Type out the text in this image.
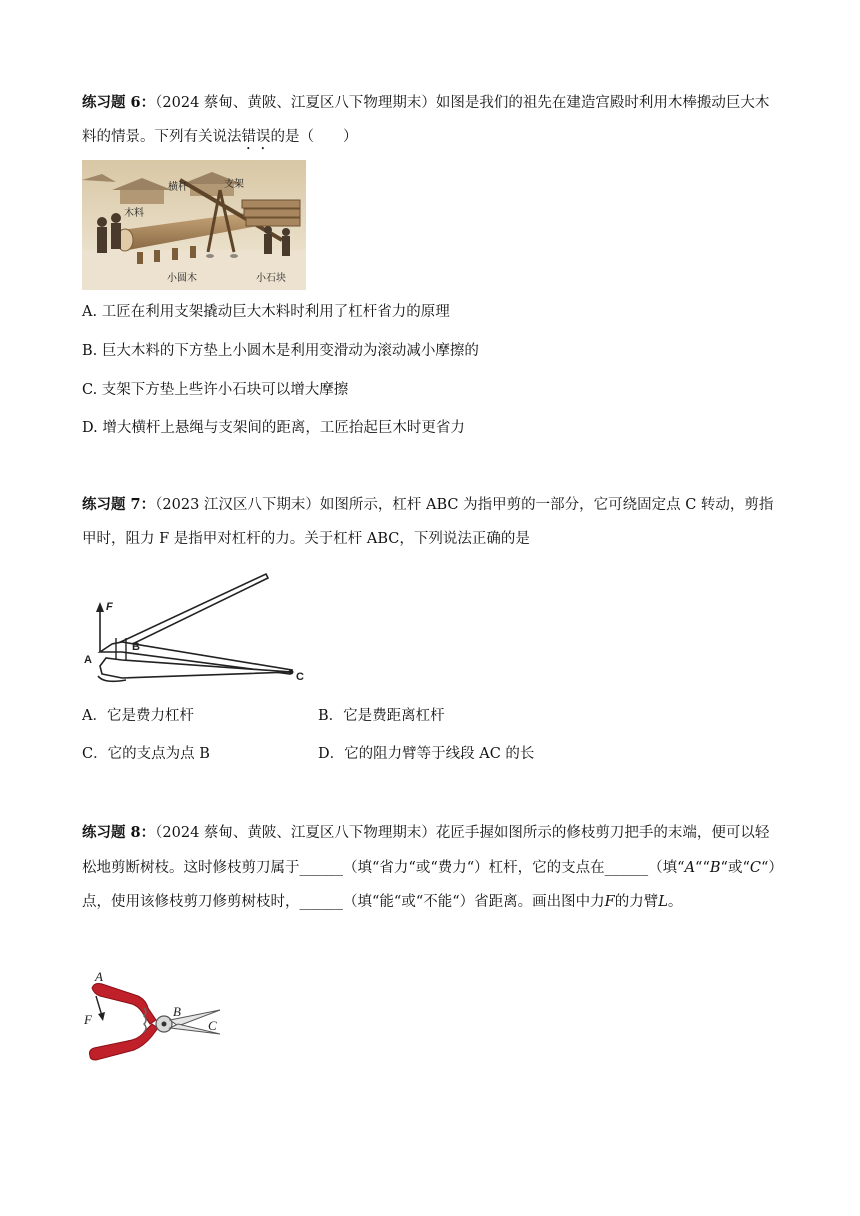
练习题 6：（2024 蔡甸、黄陂、江夏区八下物理期末）如图是我们的祖先在建造宫殿时利用木棒搬动巨大木料的情景。下列有关说法错误的是（　　）
横杆	支架
木料
小圆木	小石块
A. 工匠在利用支架撬动巨大木料时利用了杠杆省力的原理
B. 巨大木料的下方垫上小圆木是利用变滑动为滚动减小摩擦的
C. 支架下方垫上些许小石块可以增大摩擦
D. 增大横杆上悬绳与支架间的距离，工匠抬起巨木时更省力
练习题 7：（2023 江汉区八下期末）如图所示，杠杆 ABC 为指甲剪的一部分，它可绕固定点 C 转动，剪指甲时，阻力 F 是指甲对杠杆的力。关于杠杆 ABC，下列说法正确的是
F
A
B
C
A．它是费力杠杆	B．它是费距离杠杆
C．它的支点为点 B	D．它的阻力臂等于线段 AC 的长
练习题 8：（2024 蔡甸、黄陂、江夏区八下物理期末）花匠手握如图所示的修枝剪刀把手的末端，便可以轻松地剪断树枝。这时修枝剪刀属于______（填“省力“或“费力“）杠杆，它的支点在______（填“A““B“或“C“）点，使用该修枝剪刀修剪树枝时，______（填“能“或“不能“）省距离。画出图中力F的力臂L。
A
F
B
C
